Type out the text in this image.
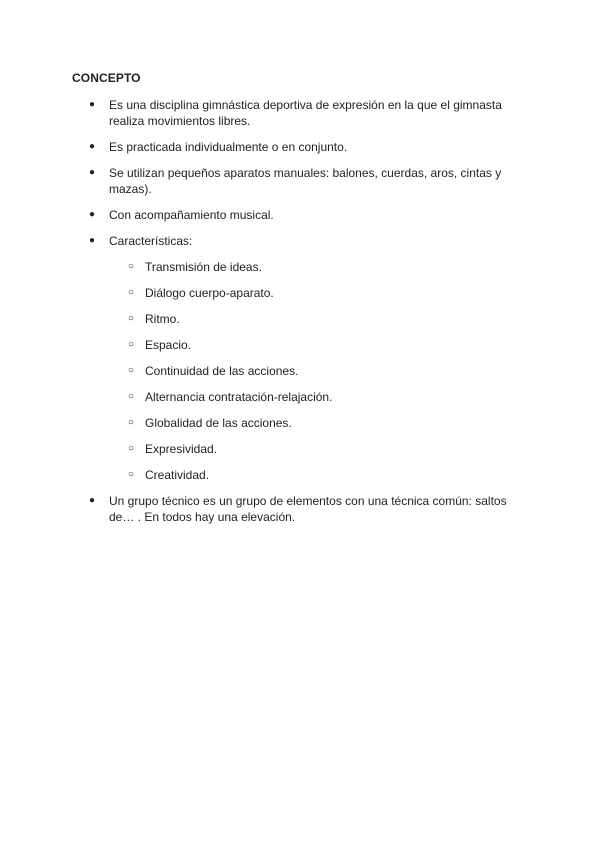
CONCEPTO

●	Es una disciplina gimnástica deportiva de expresión en la que el gimnasta realiza movimientos libres.
●	Es practicada individualmente o en conjunto.
●	Se utilizan pequeños aparatos manuales: balones, cuerdas, aros, cintas y mazas).
●	Con acompañamiento musical.
●	Características:
○ Transmisión de ideas.
○ Diálogo cuerpo-aparato.
○ Ritmo.
○ Espacio.
○ Continuidad de las acciones.
○ Alternancia contratación-relajación.
○ Globalidad de las acciones.
○ Expresividad.
○ Creatividad.
●	Un grupo técnico es un grupo de elementos con una técnica común: saltos de… . En todos hay una elevación.
